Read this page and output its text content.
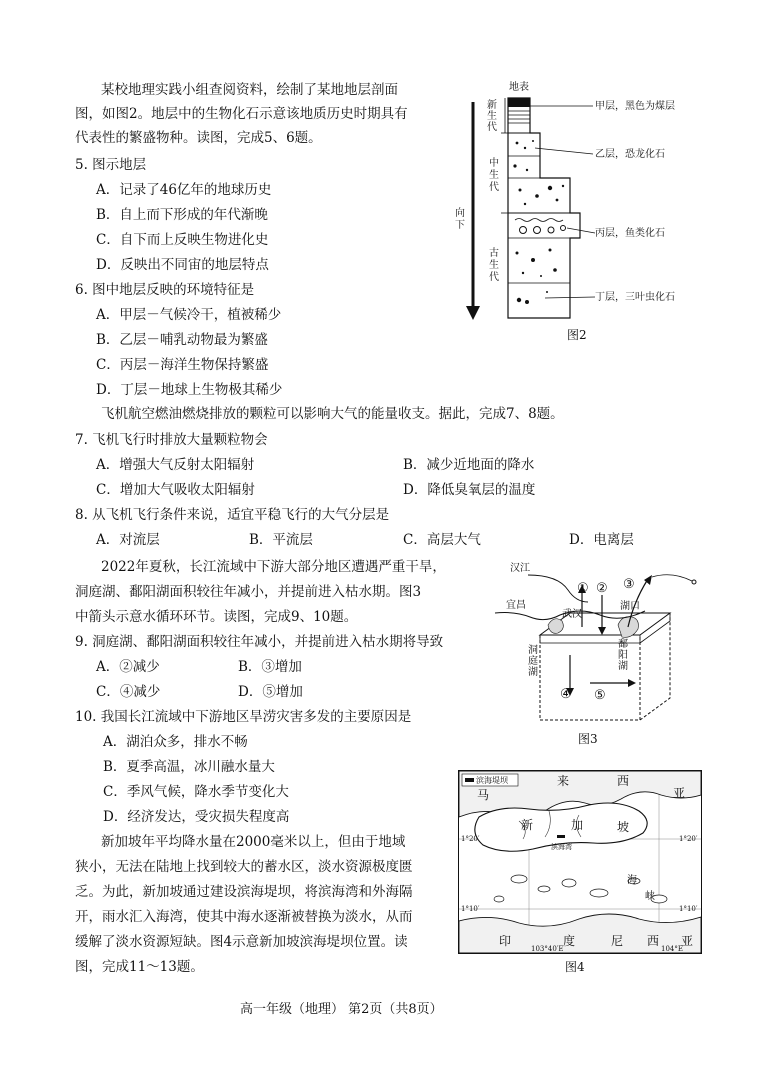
某校地理实践小组查阅资料，绘制了某地地层剖面
图，如图2。地层中的生物化石示意该地质历史时期具有
代表性的繁盛物种。读图，完成5、6题。
5. 图示地层
A．记录了46亿年的地球历史
B．自上而下形成的年代渐晚
C．自下而上反映生物进化史
D．反映出不同宙的地层特点
6. 图中地层反映的环境特征是
A．甲层－气候冷干，植被稀少
B．乙层－哺乳动物最为繁盛
C．丙层－海洋生物保持繁盛
D．丁层－地球上生物极其稀少
地表
新生代
中生代
古生代
向下
甲层，黑色为煤层
乙层，恐龙化石
丙层，鱼类化石
丁层，三叶虫化石
图2
飞机航空燃油燃烧排放的颗粒可以影响大气的能量收支。据此，完成7、8题。
7. 飞机飞行时排放大量颗粒物会
A．增强大气反射太阳辐射	B．减少近地面的降水
C．增加大气吸收太阳辐射	D．降低臭氧层的温度
8. 从飞机飞行条件来说，适宜平稳飞行的大气分层是
A．对流层	B．平流层	C．高层大气	D．电离层
2022年夏秋，长江流域中下游大部分地区遭遇严重干旱，
洞庭湖、鄱阳湖面积较往年减小，并提前进入枯水期。图3
中箭头示意水循环环节。读图，完成9、10题。
9. 洞庭湖、鄱阳湖面积较往年减小，并提前进入枯水期将导致
A．②减少	B．③增加
C．④减少	D．⑤增加
10. 我国长江流域中下游地区旱涝灾害多发的主要原因是
A．湖泊众多，排水不畅
B．夏季高温，冰川融水量大
C．季风气候，降水季节变化大
D．经济发达，受灾损失程度高
汉江
宜昌
武汉
湖口
洞庭湖
鄱阳湖
① ② ③
④ ⑤
图3
新加坡年平均降水量在2000毫米以上，但由于地域
狭小，无法在陆地上找到较大的蓄水区，淡水资源极度匮
乏。为此，新加坡通过建设滨海堤坝，将滨海湾和外海隔
开，雨水汇入海湾，使其中海水逐渐被替换为淡水，从而
缓解了淡水资源短缺。图4示意新加坡滨海堤坝位置。读
图，完成11～13题。
滨海堤坝
马
来	西
亚
新	加	坡
滨海湾
海
峡
印	度	尼 西 亚
1°20′
1°10′
1°20′
1°10′
103°40′E	104°E
图4
高一年级（地理） 第2页（共8页）
